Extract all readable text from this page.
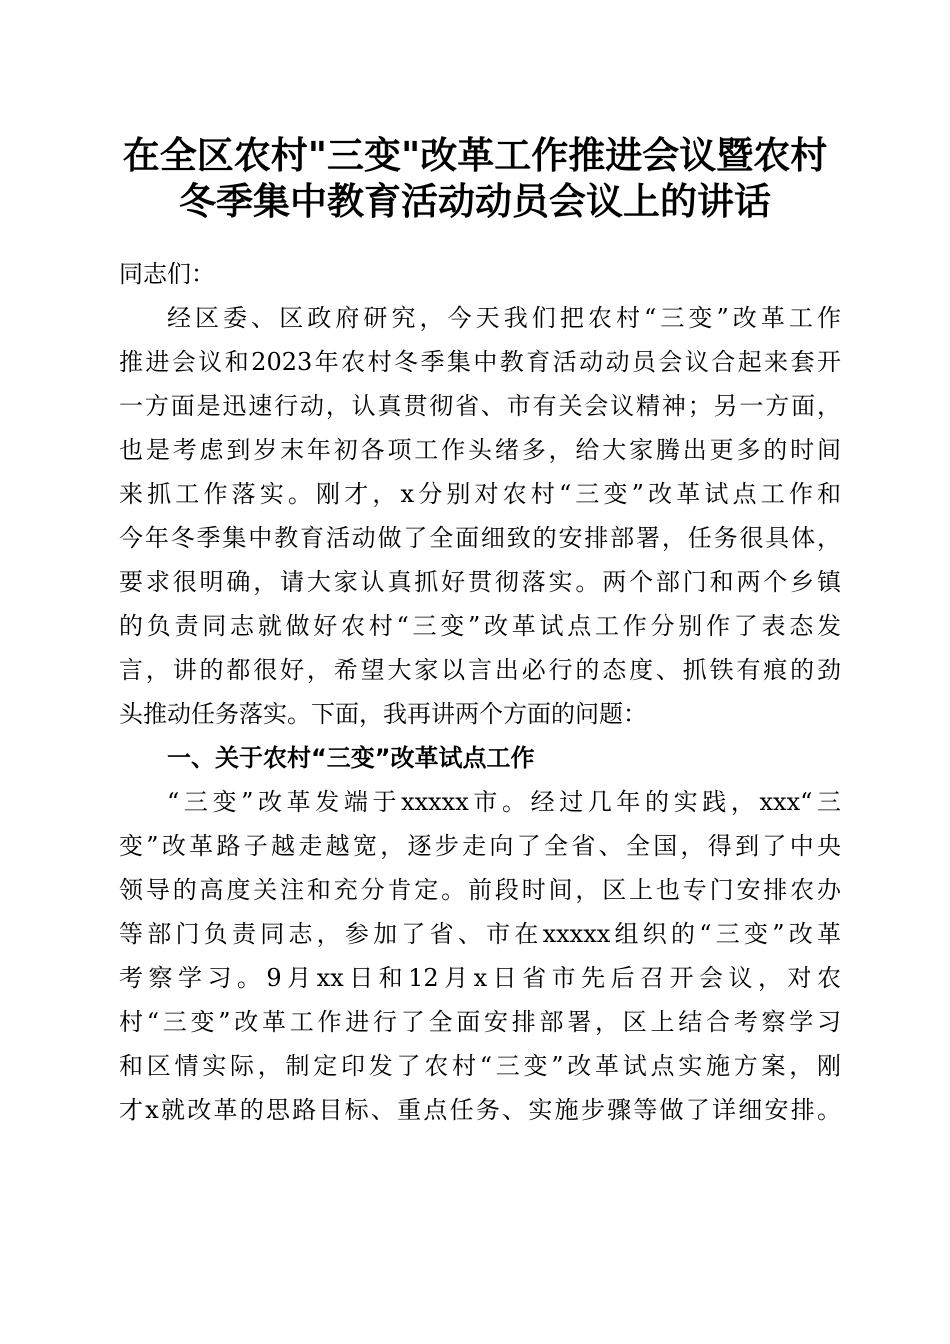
在全区农村"三变"改革工作推进会议暨农村
冬季集中教育活动动员会议上的讲话
同志们：
经区委、区政府研究，今天我们把农村“三变”改革工作
推进会议和2023年农村冬季集中教育活动动员会议合起来套开
一方面是迅速行动，认真贯彻省、市有关会议精神；另一方面，
也是考虑到岁末年初各项工作头绪多，给大家腾出更多的时间
来抓工作落实。刚才，x分别对农村“三变”改革试点工作和
今年冬季集中教育活动做了全面细致的安排部署，任务很具体，
要求很明确，请大家认真抓好贯彻落实。两个部门和两个乡镇
的负责同志就做好农村“三变”改革试点工作分别作了表态发
言，讲的都很好，希望大家以言出必行的态度、抓铁有痕的劲
头推动任务落实。下面，我再讲两个方面的问题：
一、关于农村“三变”改革试点工作
“三变”改革发端于xxxxx市。经过几年的实践，xxx“三
变”改革路子越走越宽，逐步走向了全省、全国，得到了中央
领导的高度关注和充分肯定。前段时间，区上也专门安排农办
等部门负责同志，参加了省、市在xxxxx组织的“三变”改革
考察学习。9月xx日和12月x日省市先后召开会议，对农
村“三变”改革工作进行了全面安排部署，区上结合考察学习
和区情实际，制定印发了农村“三变”改革试点实施方案，刚
才x就改革的思路目标、重点任务、实施步骤等做了详细安排。
